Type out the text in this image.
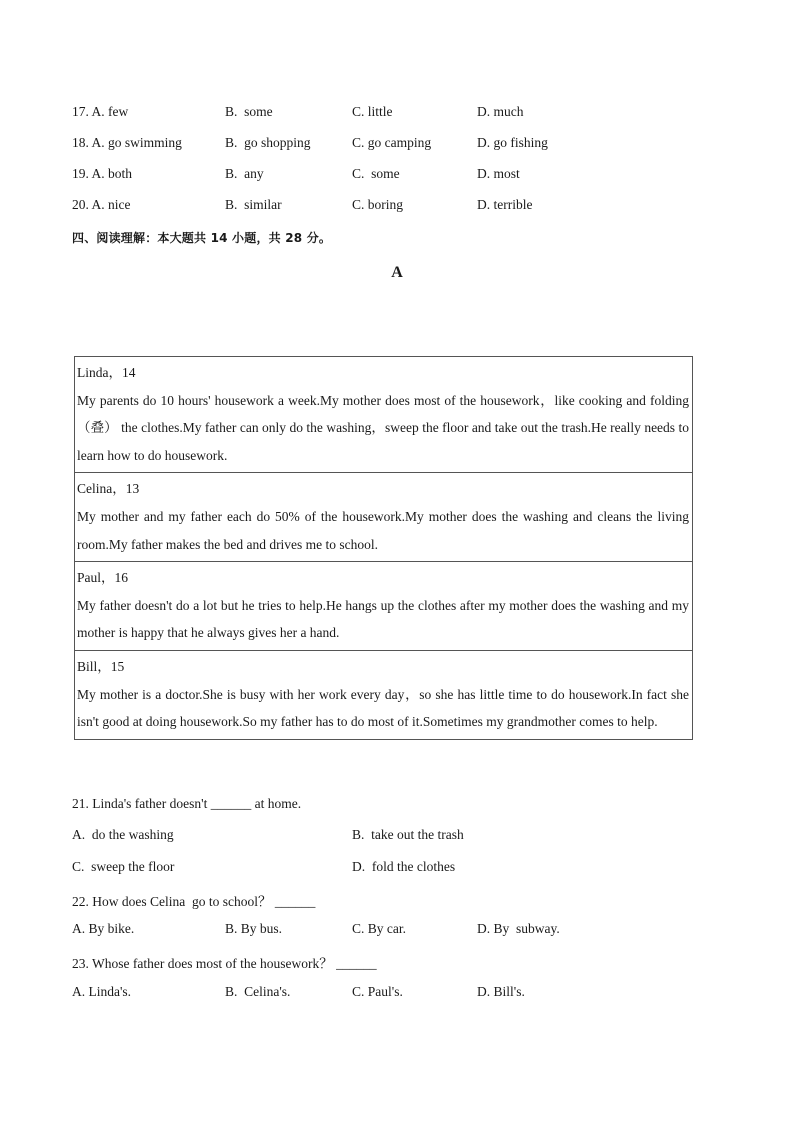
17. A. few	B.  some	C. little	D. much
18. A. go swimming	B.  go shopping	C. go camping	D. go fishing
19. A. both	B.  any	C.  some	D. most
20. A. nice	B.  similar	C. boring	D. terrible
四、阅读理解：本大题共 14 小题，共 28 分。
A
Linda，14
My parents do 10 hours' housework a week.My mother does most of the housework，like cooking and folding （叠） the clothes.My father can only do the washing，sweep the floor and take out the trash.He really needs to learn how to do housework.
Celina，13
My mother and my father each do 50% of the housework.My mother does the washing and cleans the living room.My father makes the bed and drives me to school.
Paul，16
My father doesn't do a lot but he tries to help.He hangs up the clothes after my mother does the washing and my mother is happy that he always gives her a hand.
Bill，15
My mother is a doctor.She is busy with her work every day，so she has little time to do housework.In fact she isn't good at doing housework.So my father has to do most of it.Sometimes my grandmother comes to help.
21. Linda's father doesn't ______ at home.
A.  do the washing	B.  take out the trash
C.  sweep the floor	D.  fold the clothes
22. How does Celina  go to school？ ______
A. By bike.	B. By bus.	C. By car.	D. By  subway.
23. Whose father does most of the housework？ ______
A. Linda's.	B.  Celina's.	C. Paul's.	D. Bill's.
